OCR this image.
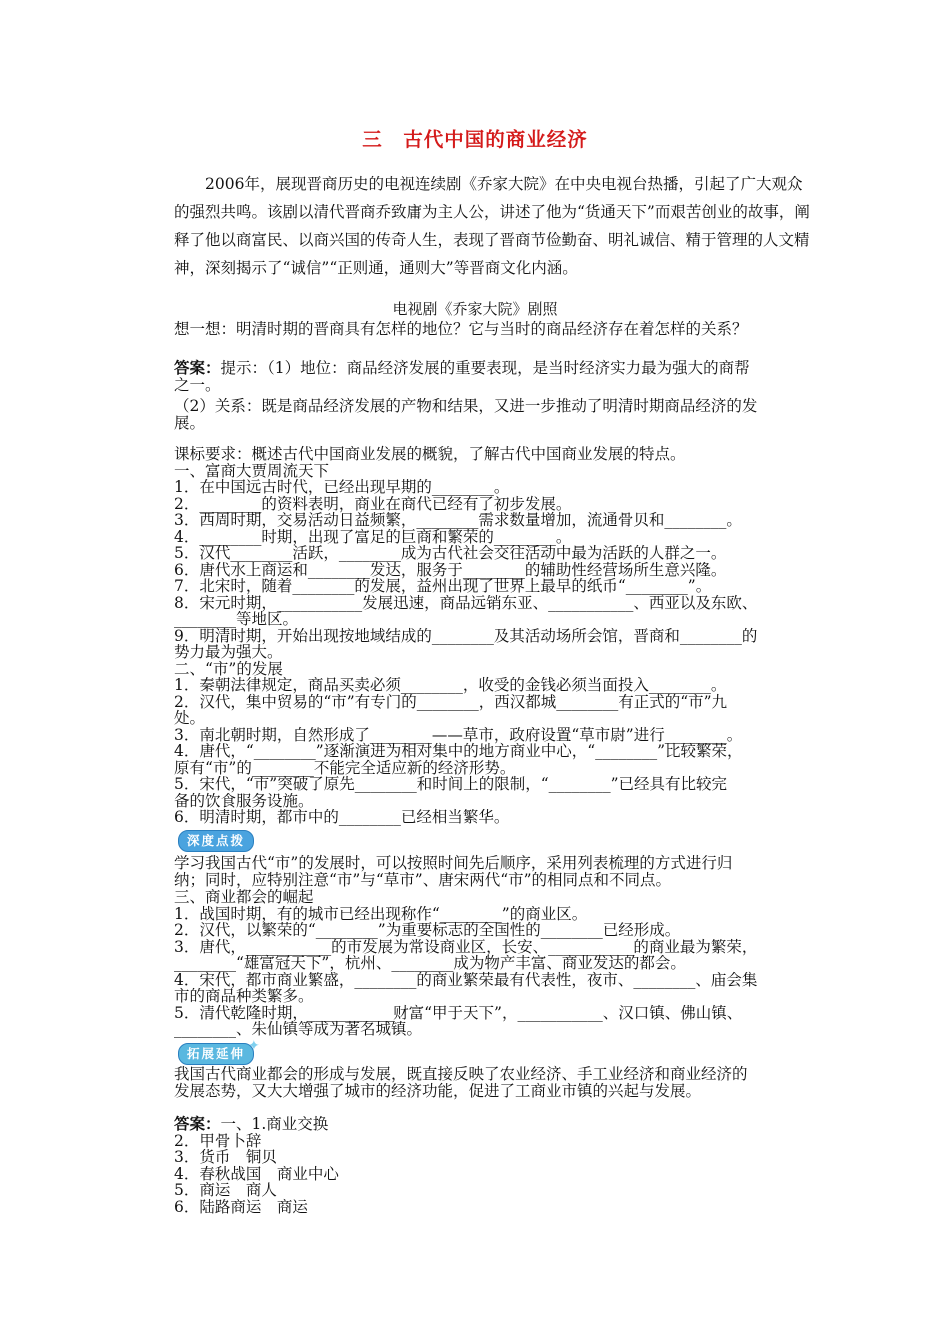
三　古代中国的商业经济
2006年，展现晋商历史的电视连续剧《乔家大院》在中央电视台热播，引起了广大观众的强烈共鸣。该剧以清代晋商乔致庸为主人公，讲述了他为“货通天下”而艰苦创业的故事，阐释了他以商富民、以商兴国的传奇人生，表现了晋商节俭勤奋、明礼诚信、精于管理的人文精神，深刻揭示了“诚信”“正则通，通则大”等晋商文化内涵。
电视剧《乔家大院》剧照
想一想：明清时期的晋商具有怎样的地位？它与当时的商品经济存在着怎样的关系？
答案：提示：（1）地位：商品经济发展的重要表现，是当时经济实力最为强大的商帮
之一。
（2）关系：既是商品经济发展的产物和结果，又进一步推动了明清时期商品经济的发
展。
课标要求：概述古代中国商业发展的概貌，了解古代中国商业发展的特点。
一、富商大贾周流天下
1．在中国远古时代，已经出现早期的________。
2．________的资料表明，商业在商代已经有了初步发展。
3．西周时期，交易活动日益频繁，________需求数量增加，流通骨贝和________。
4．________时期，出现了富足的巨商和繁荣的________。
5．汉代________活跃，________成为古代社会交往活动中最为活跃的人群之一。
6．唐代水上商运和________发达，服务于________的辅助性经营场所生意兴隆。
7．北宋时，随着________的发展，益州出现了世界上最早的纸币“________”。
8．宋元时期，___________发展迅速，商品远销东亚、___________、西亚以及东欧、
________等地区。
9．明清时期，开始出现按地域结成的________及其活动场所会馆，晋商和________的
势力最为强大。
二、“市”的发展
1．秦朝法律规定，商品买卖必须________，收受的金钱必须当面投入________。
2．汉代，集中贸易的“市”有专门的________，西汉都城________有正式的“市”九
处。
3．南北朝时期，自然形成了________——草市，政府设置“草市尉”进行________。
4．唐代，“________”逐渐演进为相对集中的地方商业中心，“________”比较繁荣，
原有“市”的________不能完全适应新的经济形势。
5．宋代，“市”突破了原先________和时间上的限制，“________”已经具有比较完
备的饮食服务设施。
6．明清时期，都市中的________已经相当繁华。
深度点拨
学习我国古代“市”的发展时，可以按照时间先后顺序，采用列表梳理的方式进行归
纳；同时，应特别注意“市”与“草市”、唐宋两代“市”的相同点和不同点。
三、商业都会的崛起
1．战国时期，有的城市已经出现称作“________”的商业区。
2．汉代，以繁荣的“________”为重要标志的全国性的________已经形成。
3．唐代，___________的市发展为常设商业区，长安、___________的商业最为繁荣，
________“雄富冠天下”，杭州、________成为物产丰富、商业发达的都会。
4．宋代，都市商业繁盛，________的商业繁荣最有代表性，夜市、________、庙会集
市的商品种类繁多。
5．清代乾隆时期，___________财富“甲于天下”，___________、汉口镇、佛山镇、
________、朱仙镇等成为著名城镇。
拓展延伸 ✦
我国古代商业都会的形成与发展，既直接反映了农业经济、手工业经济和商业经济的
发展态势，又大大增强了城市的经济功能，促进了工商业市镇的兴起与发展。
答案：一、1.商业交换
2．甲骨卜辞
3．货币　铜贝
4．春秋战国　商业中心
5．商运　商人
6．陆路商运　商运
